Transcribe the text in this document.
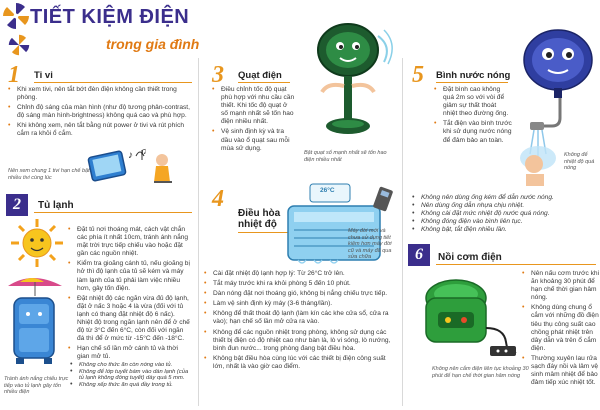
TIẾT KIỆM ĐIỆN
trong gia đình
1 Ti vi
• Khi xem tivi, nên tắt bớt đèn điện không cần thiết trong phòng.
• Chỉnh độ sáng của màn hình (như độ tương phản-contrast, độ sáng màn hình-brightness) không quá cao và phù hợp.
• Khi không xem, nên tắt bằng nút power ở tivi và rút phích cắm ra khỏi ổ cắm.
♪ ♫
Nên xem chung 1 tivi hạn chế bật nhiều tivi cùng lúc
2	Tủ lạnh
• Đặt tủ nơi thoáng mát, cách vật chắn các phía ít nhất 10cm, tránh ánh nắng mặt trời trực tiếp chiếu vào hoặc đặt gần các nguồn nhiệt.
• Kiểm tra gioăng cánh tủ, nếu gioăng bị hở thì độ lạnh của tủ sẽ kém và máy làm lạnh của tủ phải làm việc nhiều hơn, gây tốn điện.
• Đặt nhiệt độ các ngăn vừa đủ độ lạnh, đặt ở nấc 3 hoặc 4 là vừa (đối với tủ lạnh có thang đặt nhiệt độ 6 nấc). Nhiệt độ trong ngăn lạnh nên để ở chế độ từ 3°C đến 6°C, còn đối với ngăn đá thì để ở mức từ -15°C đến -18°C.
• Hạn chế số lần mở cánh tủ và thời gian mở tủ.
Tránh ánh nắng chiếu trực tiếp vào tủ lạnh gây tốn nhiều điện
• Không cho thức ăn còn nóng vào tủ.
• Không để lớp tuyết bám vào dàn lạnh (của tủ lạnh không đóng tuyết) dày quá 5 mm.
• Không xếp thức ăn quá đầy trong tủ.
3 Quạt điện
• Điều chỉnh tốc độ quạt phù hợp với nhu cầu cần thiết. Khi tốc độ quạt ở số mạnh nhất sẽ tốn hao điện nhiều nhất.
• Vệ sinh định kỳ và tra dầu vào ổ quạt sau mỗi mùa sử dụng.
Bật quạt số mạnh nhất sẽ tốn hao điện nhiều nhất
4
Điều hòa
nhiệt độ
26°C
Máy đời mới và chưa sử dụng tiết kiệm hơn máy đời cũ và máy đã qua sửa chữa
• Cài đặt nhiệt độ lạnh hợp lý: Từ 26°C trở lên.
• Tắt máy trước khi ra khỏi phòng 5 đến 10 phút.
• Dàn nóng đặt nơi thoáng gió, không bị nắng chiếu trực tiếp.
• Làm vệ sinh định kỳ máy (3-6 tháng/lần).
• Không để thất thoát độ lạnh (làm kín các khe cửa sổ, cửa ra vào); hạn chế số lần mở cửa ra vào.
• Không để các nguồn nhiệt trong phòng, không sử dụng các thiết bị điện có độ nhiệt cao như bàn là, lò vi sóng, lò nướng, bình đun nước... trong phòng đang bật điều hòa.
• Không bật điều hòa cùng lúc với các thiết bị điện công suất lớn, nhất là vào giờ cao điểm.
5 Bình nước nóng
• Đặt bình cao không quá 2m so với vòi để giảm sự thất thoát nhiệt theo đường ống.
• Tắt điện vào bình trước khi sử dụng nước nóng để đảm bảo an toàn.
Không để nhiệt độ quá nóng
• Không nên dùng ống kém để dẫn nước nóng.
• Nên dùng ống dẫn nhựa chịu nhiệt.
• Không cài đặt mức nhiệt độ nước quá nóng.
• Không đóng điện vào bình liên tục.
• Không bật, tắt điện nhiều lần.
6	Nồi cơm điện
Không nên cắm điện liên tục khoảng 30 phút để hạn chế thời gian hâm nóng
• Nên nấu cơm trước khi ăn khoảng 30 phút để hạn chế thời gian hâm nóng.
• Không dùng chung ổ cắm với những đồ điện tiêu thụ công suất cao chồng phát nhiệt trên dây dẫn và trên ổ cắm điện.
• Thường xuyên lau rửa sạch đáy nồi và lâm vệ sinh mâm nhiệt để bảo đảm tiếp xúc nhiệt tốt.
